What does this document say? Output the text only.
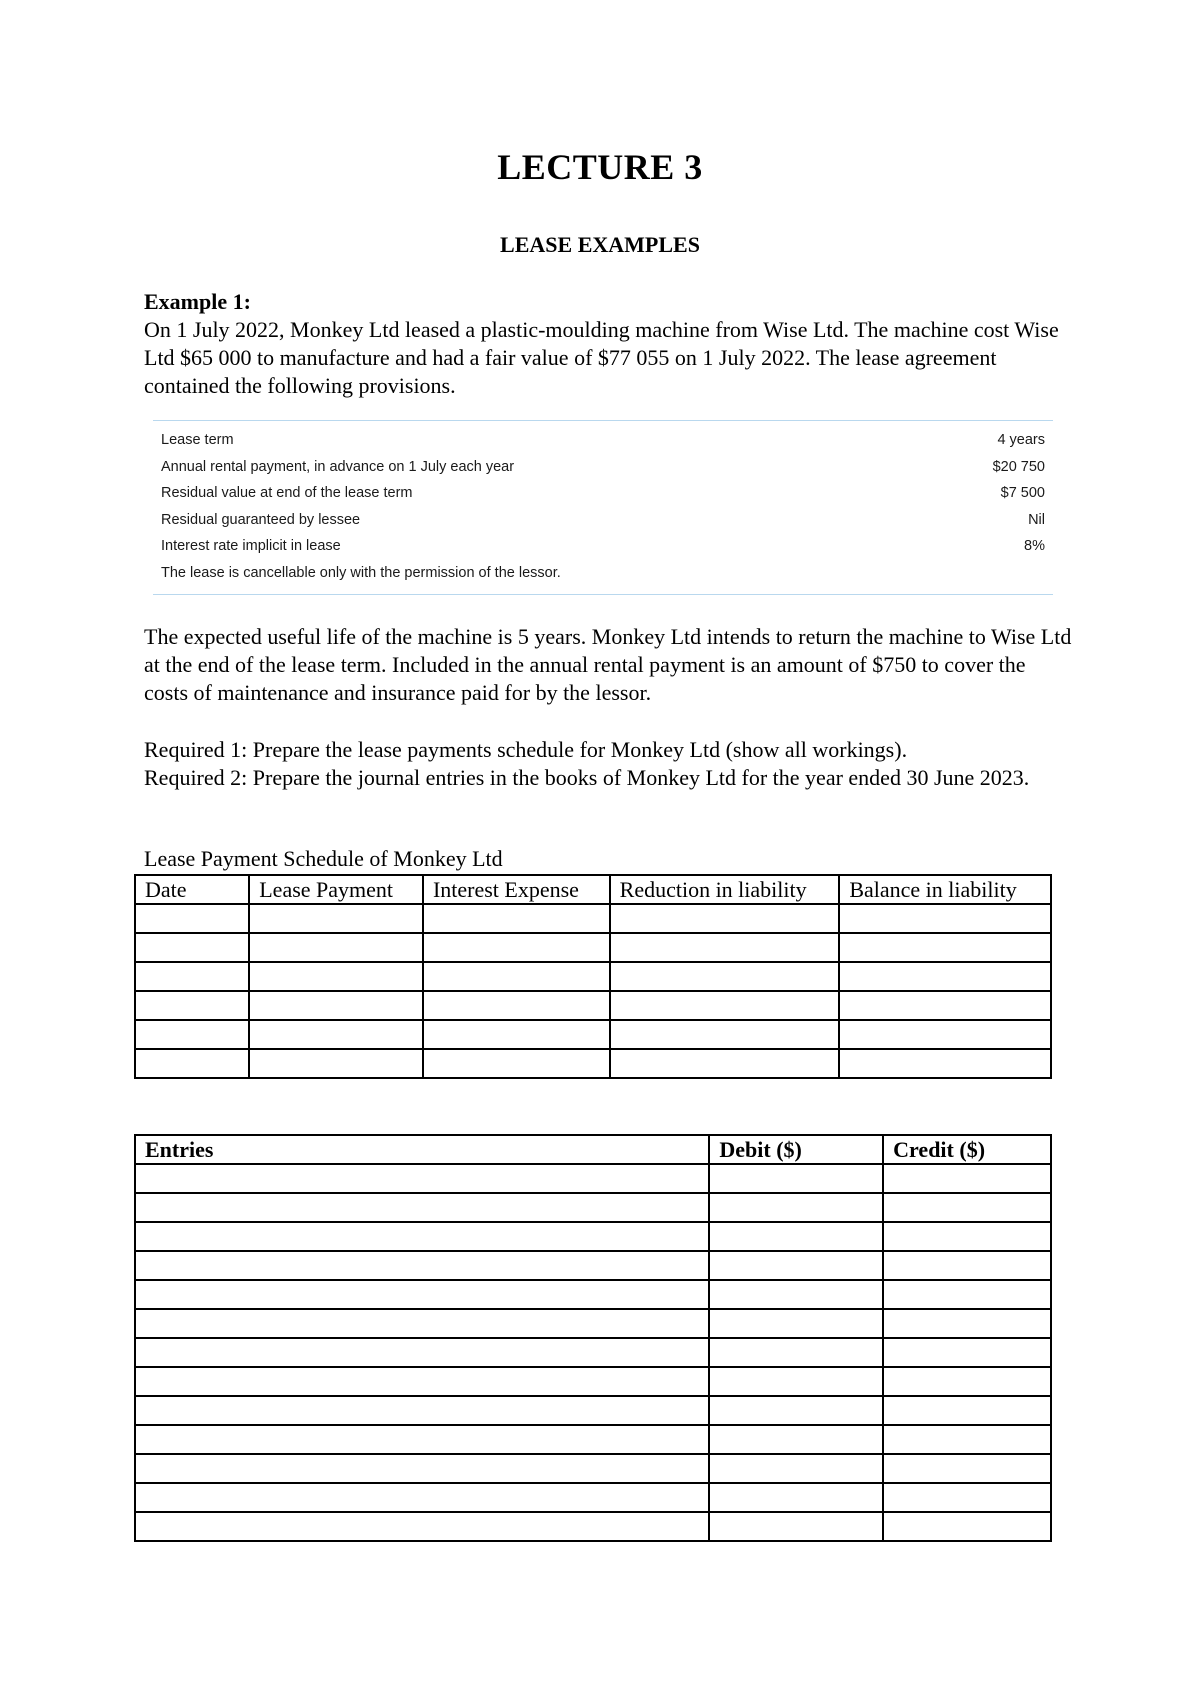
LECTURE 3
LEASE EXAMPLES
Example 1:
On 1 July 2022, Monkey Ltd leased a plastic-moulding machine from Wise Ltd. The machine cost Wise Ltd $65 000 to manufacture and had a fair value of $77 055 on 1 July 2022. The lease agreement contained the following provisions.
Lease term	4 years
Annual rental payment, in advance on 1 July each year	$20 750
Residual value at end of the lease term	$7 500
Residual guaranteed by lessee	Nil
Interest rate implicit in lease	8%
The lease is cancellable only with the permission of the lessor.
The expected useful life of the machine is 5 years. Monkey Ltd intends to return the machine to Wise Ltd at the end of the lease term. Included in the annual rental payment is an amount of $750 to cover the costs of maintenance and insurance paid for by the lessor.
Required 1: Prepare the lease payments schedule for Monkey Ltd (show all workings).
Required 2: Prepare the journal entries in the books of Monkey Ltd for the year ended 30 June 2023.
Lease Payment Schedule of Monkey Ltd
Date	Lease Payment	Interest Expense	Reduction in liability	Balance in liability

Entries	Debit ($)	Credit ($)
